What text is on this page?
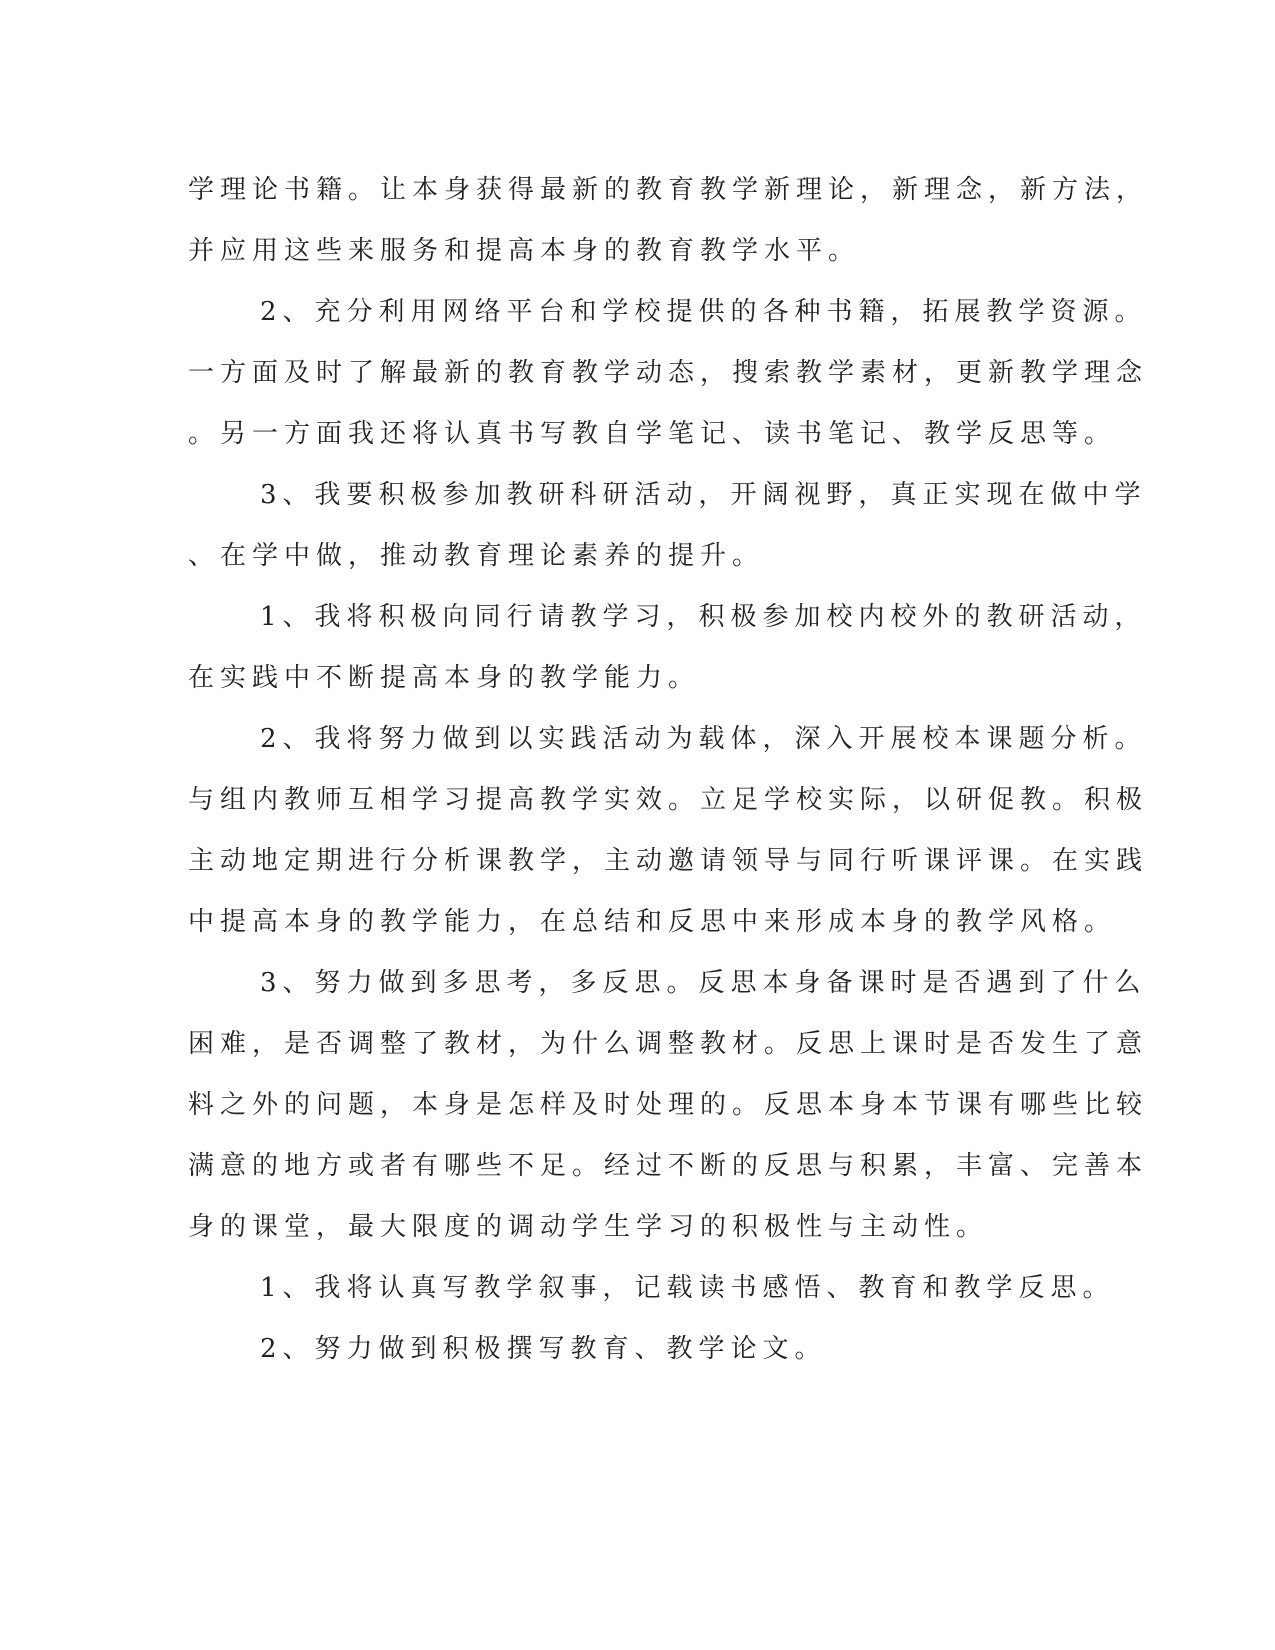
学理论书籍。让本身获得最新的教育教学新理论，新理念，新方法，
并应用这些来服务和提高本身的教育教学水平。
2、充分利用网络平台和学校提供的各种书籍，拓展教学资源。
一方面及时了解最新的教育教学动态，搜索教学素材，更新教学理念
。另一方面我还将认真书写教自学笔记、读书笔记、教学反思等。
3、我要积极参加教研科研活动，开阔视野，真正实现在做中学
、在学中做，推动教育理论素养的提升。
1、我将积极向同行请教学习，积极参加校内校外的教研活动，
在实践中不断提高本身的教学能力。
2、我将努力做到以实践活动为载体，深入开展校本课题分析。
与组内教师互相学习提高教学实效。立足学校实际，以研促教。积极
主动地定期进行分析课教学，主动邀请领导与同行听课评课。在实践
中提高本身的教学能力，在总结和反思中来形成本身的教学风格。
3、努力做到多思考，多反思。反思本身备课时是否遇到了什么
困难，是否调整了教材，为什么调整教材。反思上课时是否发生了意
料之外的问题，本身是怎样及时处理的。反思本身本节课有哪些比较
满意的地方或者有哪些不足。经过不断的反思与积累，丰富、完善本
身的课堂，最大限度的调动学生学习的积极性与主动性。
1、我将认真写教学叙事，记载读书感悟、教育和教学反思。
2、努力做到积极撰写教育、教学论文。
